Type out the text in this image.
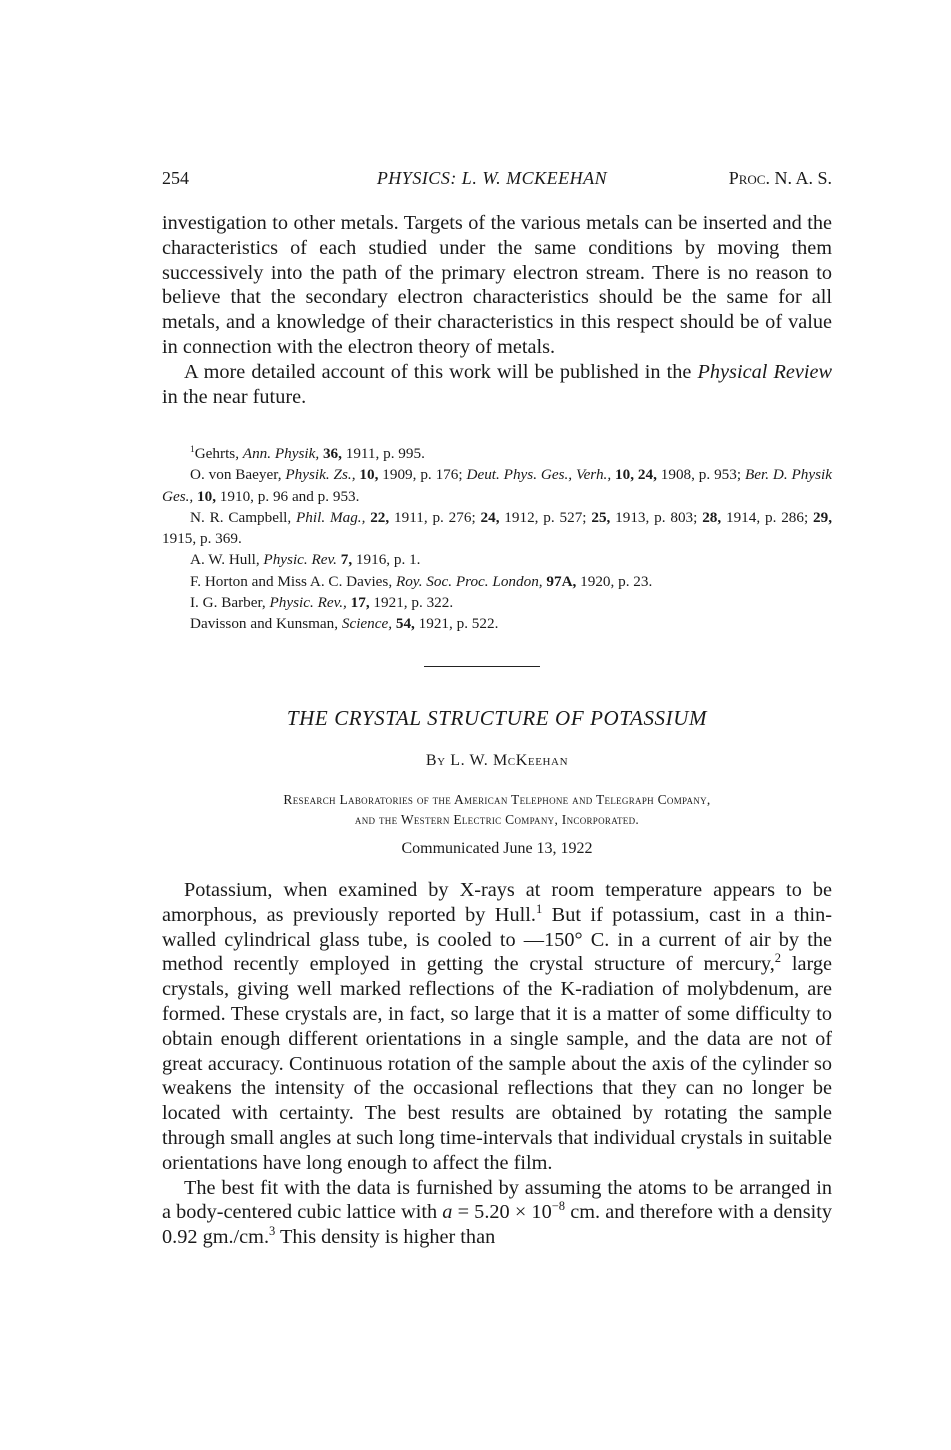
254	PHYSICS: L. W. MCKEEHAN	Proc. N. A. S.

investigation to other metals. Targets of the various metals can be inserted and the characteristics of each studied under the same conditions by moving them successively into the path of the primary electron stream. There is no reason to believe that the secondary electron characteristics should be the same for all metals, and a knowledge of their characteristics in this respect should be of value in connection with the electron theory of metals.

A more detailed account of this work will be published in the Physical Review in the near future.

$^1$Gehrts, Ann. Physik, 36, 1911, p. 995.

O. von Baeyer, Physik. Zs., 10, 1909, p. 176; Deut. Phys. Ges., Verh., 10, 24, 1908, p. 953; Ber. D. Physik Ges., 10, 1910, p. 96 and p. 953.

N. R. Campbell, Phil. Mag., 22, 1911, p. 276; 24, 1912, p. 527; 25, 1913, p. 803; 28, 1914, p. 286; 29, 1915, p. 369.

A. W. Hull, Physic. Rev. 7, 1916, p. 1.

F. Horton and Miss A. C. Davies, Roy. Soc. Proc. London, 97A, 1920, p. 23.

I. G. Barber, Physic. Rev., 17, 1921, p. 322.

Davisson and Kunsman, Science, 54, 1921, p. 522.

THE CRYSTAL STRUCTURE OF POTASSIUM
By L. W. McKeehan
Research Laboratories of the American Telephone and Telegraph Company,
and the Western Electric Company, Incorporated.
Communicated June 13, 1922

Potassium, when examined by X-rays at room temperature appears to be amorphous, as previously reported by Hull.$^1$ But if potassium, cast in a thin-walled cylindrical glass tube, is cooled to —150° C. in a current of air by the method recently employed in getting the crystal structure of mercury,$^2$ large crystals, giving well marked reflections of the K-radiation of molybdenum, are formed. These crystals are, in fact, so large that it is a matter of some difficulty to obtain enough different orientations in a single sample, and the data are not of great accuracy. Continuous rotation of the sample about the axis of the cylinder so weakens the intensity of the occasional reflections that they can no longer be located with certainty. The best results are obtained by rotating the sample through small angles at such long time-intervals that individual crystals in suitable orientations have long enough to affect the film.

The best fit with the data is furnished by assuming the atoms to be arranged in a body-centered cubic lattice with $a = 5.20 \times 10^{-8}$ cm. and therefore with a density 0.92 gm./cm.$^3$ This density is higher than
